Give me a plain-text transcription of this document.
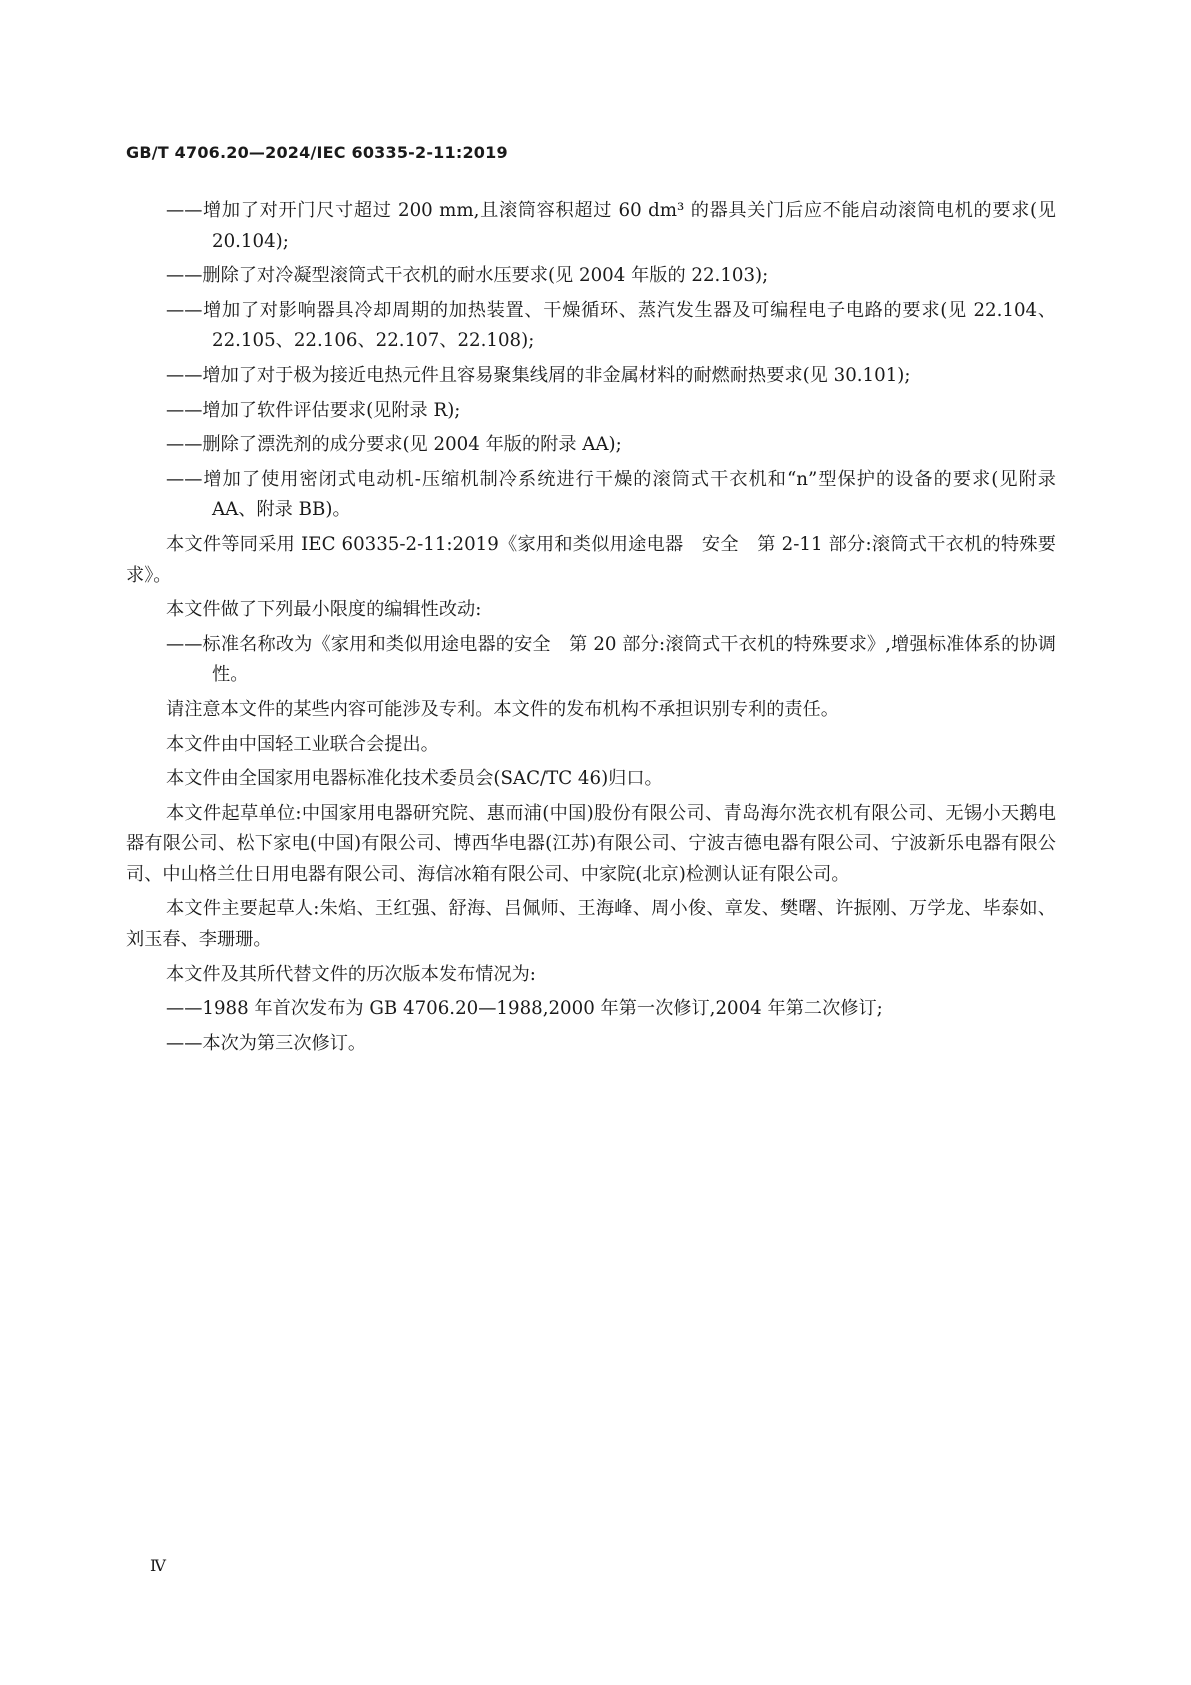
GB/T 4706.20—2024/IEC 60335-2-11:2019

——增加了对开门尺寸超过 200 mm,且滚筒容积超过 60 dm³ 的器具关门后应不能启动滚筒电机的要求(见 20.104);

——删除了对冷凝型滚筒式干衣机的耐水压要求(见 2004 年版的 22.103);

——增加了对影响器具冷却周期的加热装置、干燥循环、蒸汽发生器及可编程电子电路的要求(见 22.104、22.105、22.106、22.107、22.108);

——增加了对于极为接近电热元件且容易聚集线屑的非金属材料的耐燃耐热要求(见 30.101);

——增加了软件评估要求(见附录 R);

——删除了漂洗剂的成分要求(见 2004 年版的附录 AA);

——增加了使用密闭式电动机-压缩机制冷系统进行干燥的滚筒式干衣机和“n”型保护的设备的要求(见附录 AA、附录 BB)。

本文件等同采用 IEC 60335-2-11:2019《家用和类似用途电器　安全　第 2-11 部分:滚筒式干衣机的特殊要求》。

本文件做了下列最小限度的编辑性改动:

——标准名称改为《家用和类似用途电器的安全　第 20 部分:滚筒式干衣机的特殊要求》,增强标准体系的协调性。

请注意本文件的某些内容可能涉及专利。本文件的发布机构不承担识别专利的责任。

本文件由中国轻工业联合会提出。

本文件由全国家用电器标准化技术委员会(SAC/TC 46)归口。

本文件起草单位:中国家用电器研究院、惠而浦(中国)股份有限公司、青岛海尔洗衣机有限公司、无锡小天鹅电器有限公司、松下家电(中国)有限公司、博西华电器(江苏)有限公司、宁波吉德电器有限公司、宁波新乐电器有限公司、中山格兰仕日用电器有限公司、海信冰箱有限公司、中家院(北京)检测认证有限公司。

本文件主要起草人:朱焰、王红强、舒海、吕佩师、王海峰、周小俊、章发、樊曙、许振刚、万学龙、毕泰如、刘玉春、李珊珊。

本文件及其所代替文件的历次版本发布情况为:

——1988 年首次发布为 GB 4706.20—1988,2000 年第一次修订,2004 年第二次修订;

——本次为第三次修订。

Ⅳ
